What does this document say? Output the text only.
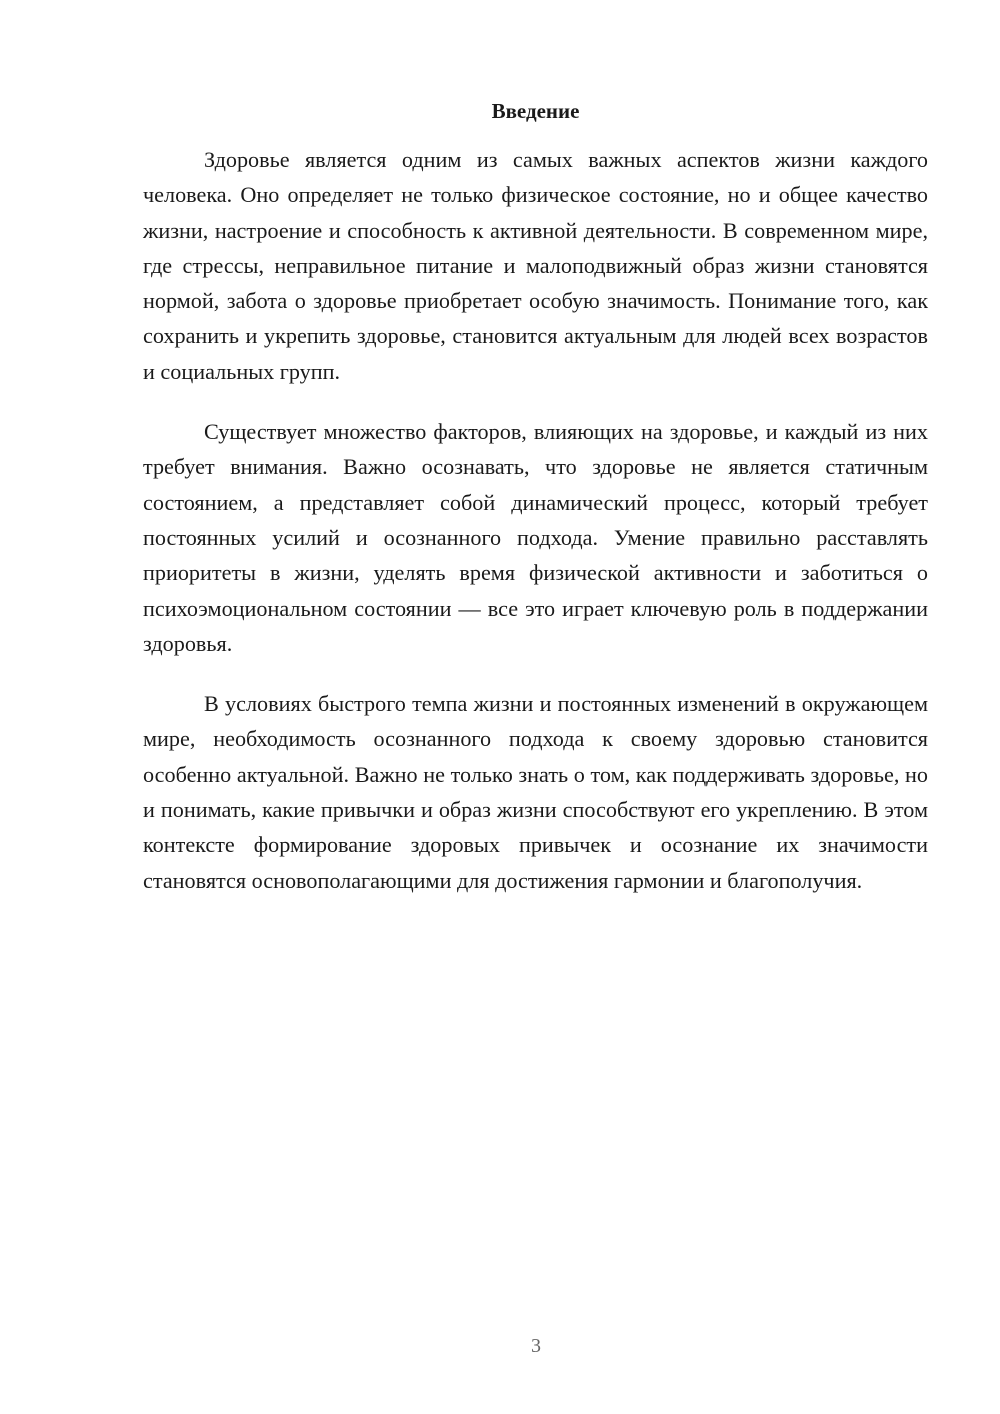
Введение

Здоровье является одним из самых важных аспектов жизни каждого человека. Оно определяет не только физическое состояние, но и общее качество жизни, настроение и способность к активной деятельности. В современном мире, где стрессы, неправильное питание и малоподвижный образ жизни становятся нормой, забота о здоровье приобретает особую значимость. Понимание того, как сохранить и укрепить здоровье, становится актуальным для людей всех возрастов и социальных групп.

Существует множество факторов, влияющих на здоровье, и каждый из них требует внимания. Важно осознавать, что здоровье не является статичным состоянием, а представляет собой динамический процесс, который требует постоянных усилий и осознанного подхода. Умение правильно расставлять приоритеты в жизни, уделять время физической активности и заботиться о психоэмоциональном состоянии — все это играет ключевую роль в поддержании здоровья.

В условиях быстрого темпа жизни и постоянных изменений в окружающем мире, необходимость осознанного подхода к своему здоровью становится особенно актуальной. Важно не только знать о том, как поддерживать здоровье, но и понимать, какие привычки и образ жизни способствуют его укреплению. В этом контексте формирование здоровых привычек и осознание их значимости становятся основополагающими для достижения гармонии и благополучия.

3
